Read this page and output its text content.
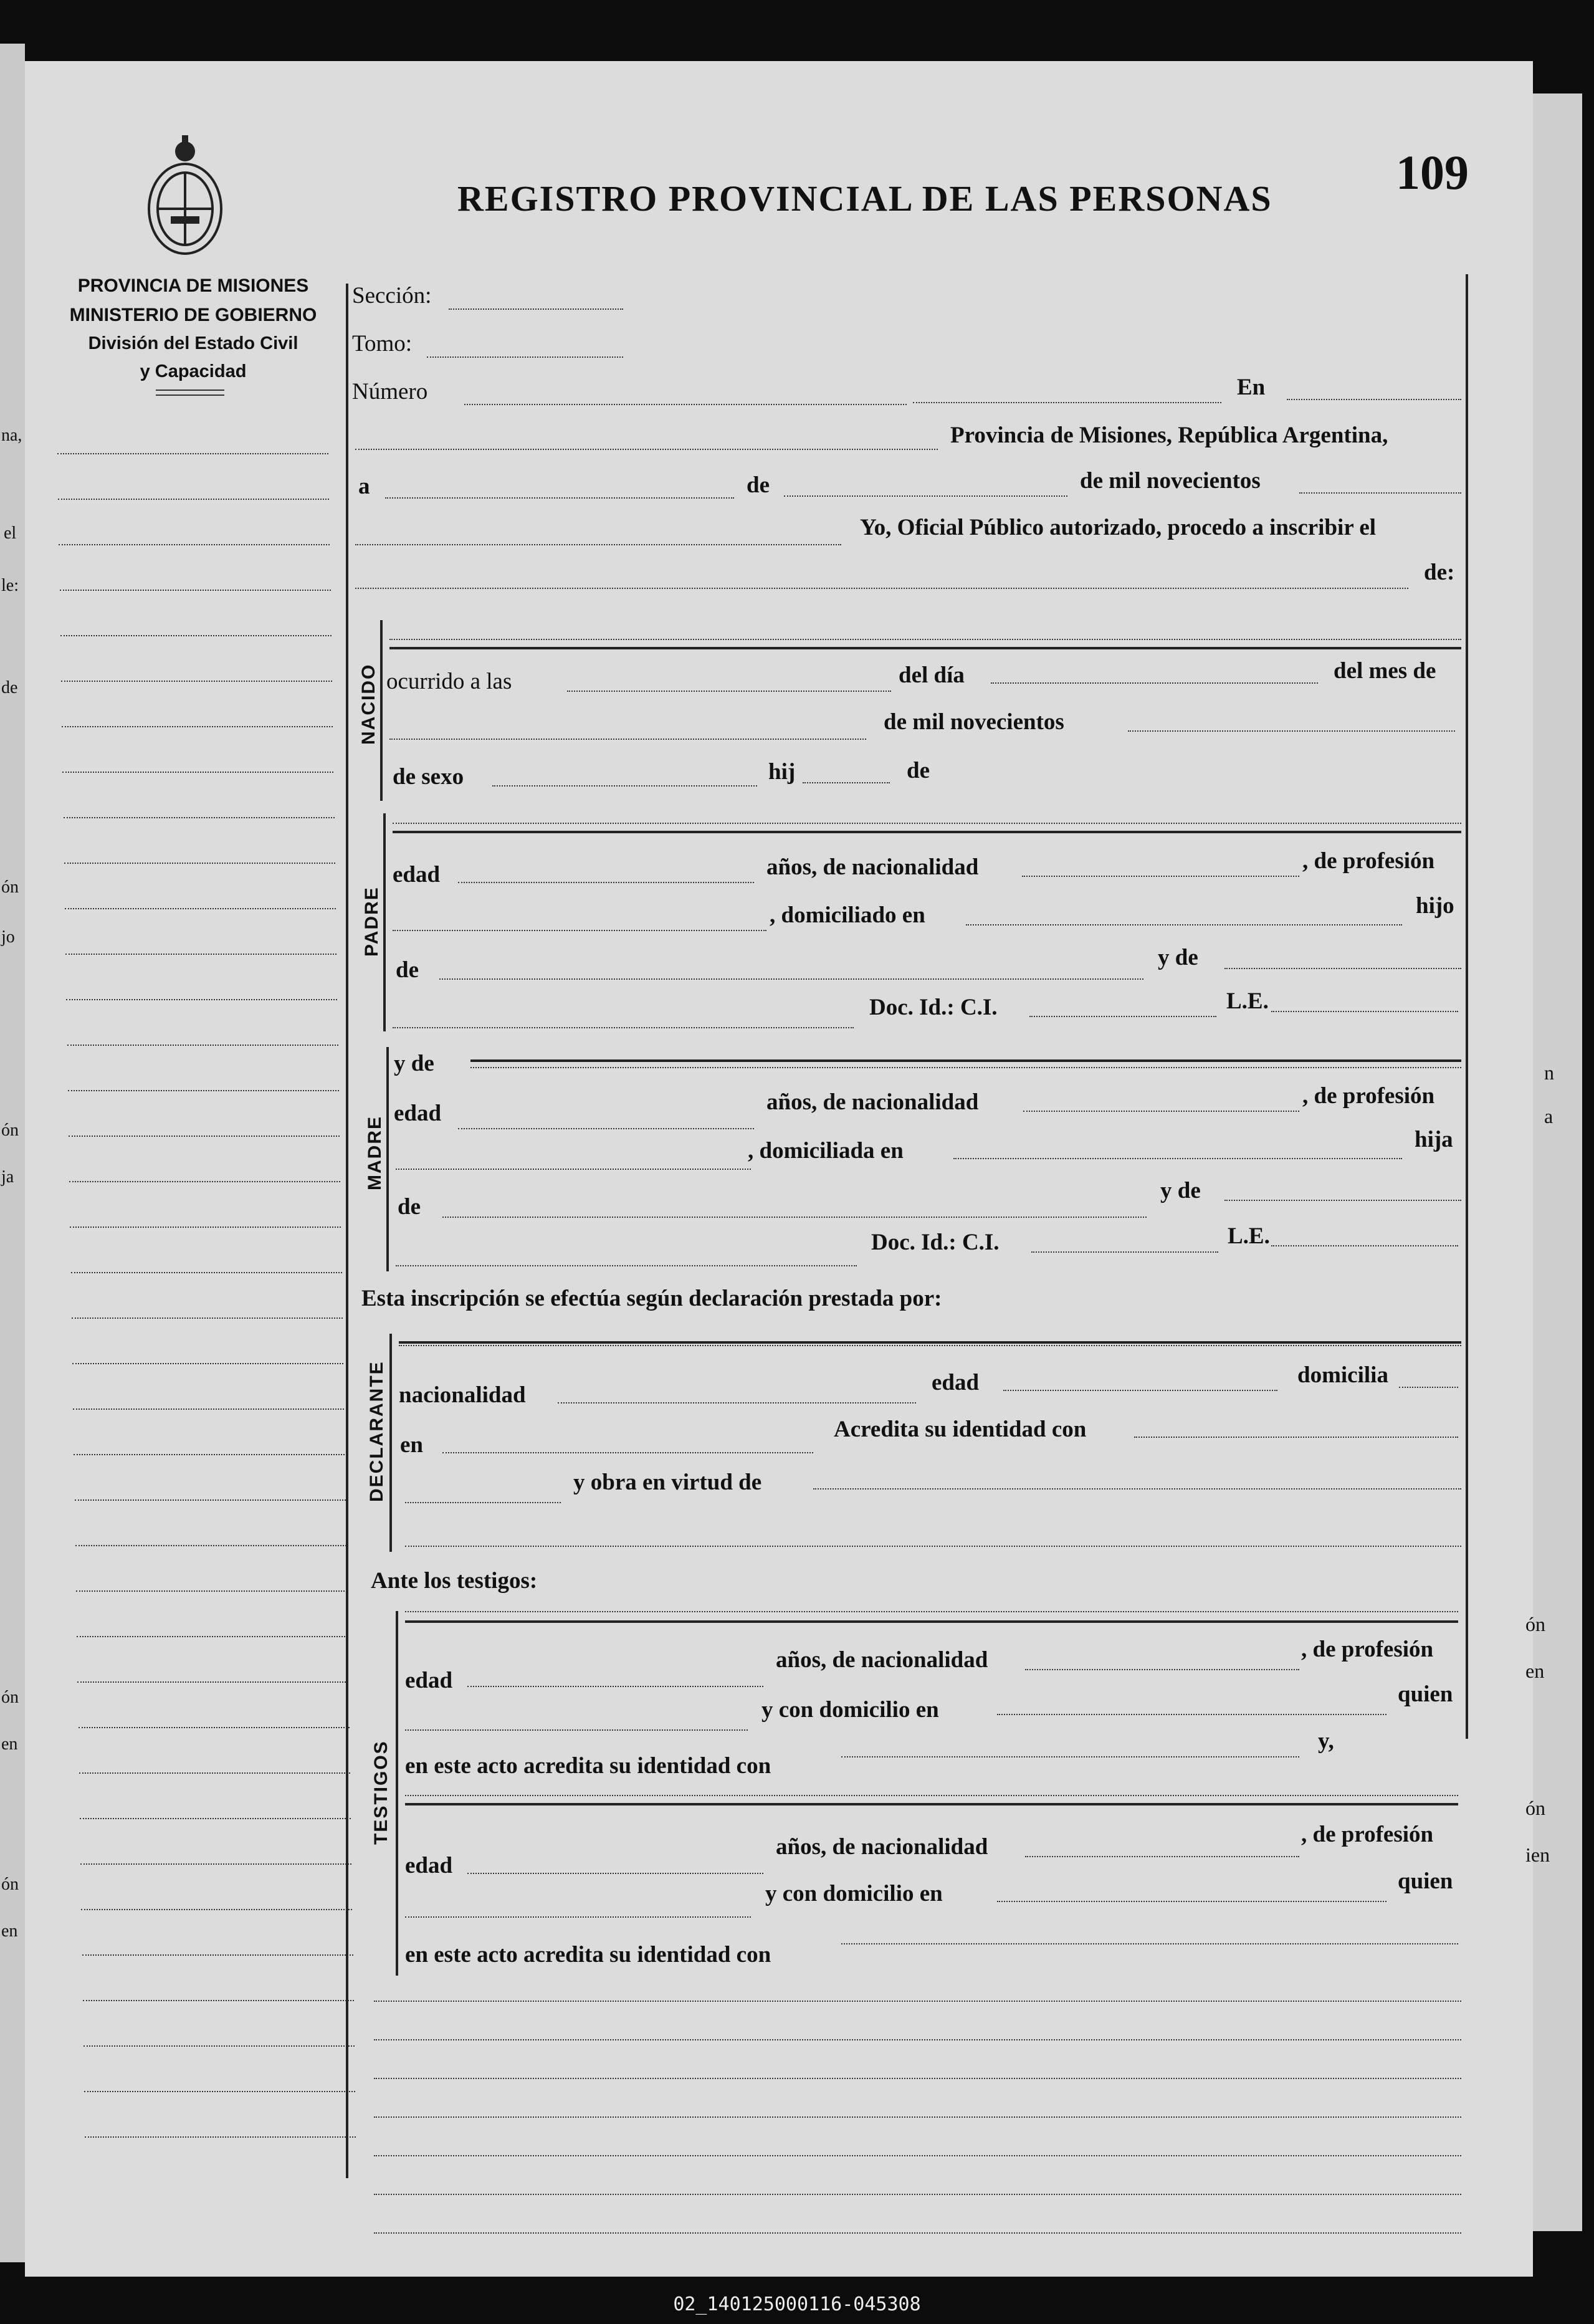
na,
el
le:
de
ón
jo
ón
ja
ón
en
ón
en
ón
en
ón
ien
n
a
PROVINCIA DE MISIONES
MINISTERIO DE GOBIERNO
División del Estado Civil
y Capacidad
REGISTRO PROVINCIAL DE LAS PERSONAS	109
Sección:
Tomo:
Número	En
Provincia de Misiones, República Argentina,
a	de	de mil novecientos
Yo, Oficial Público autorizado, procedo a inscribir el
de:
NACIDO ocurrido a las	del día	del mes de
de mil novecientos
de sexo	hij	de
PADRE
edad	años, de nacionalidad	, de profesión
, domiciliado en	hijo
de	y de
Doc. Id.: C.I.	L.E.
MADRE
y de
edad	años, de nacionalidad	, de profesión
, domiciliada en	hija
de
y de
Doc. Id.: C.I.	L.E.
Esta inscripción se efectúa según declaración prestada por:
DECLARANTE nacionalidad	edad	domicilia
en
Acredita su identidad con
y obra en virtud de
Ante los testigos:
TESTIGOS
edad
años, de nacionalidad	, de profesión
y con domicilio en
quien
en este acto acredita su identidad con
y,
edad
años, de nacionalidad	, de profesión
y con domicilio en	quien
en este acto acredita su identidad con
02_140125000116-045308
